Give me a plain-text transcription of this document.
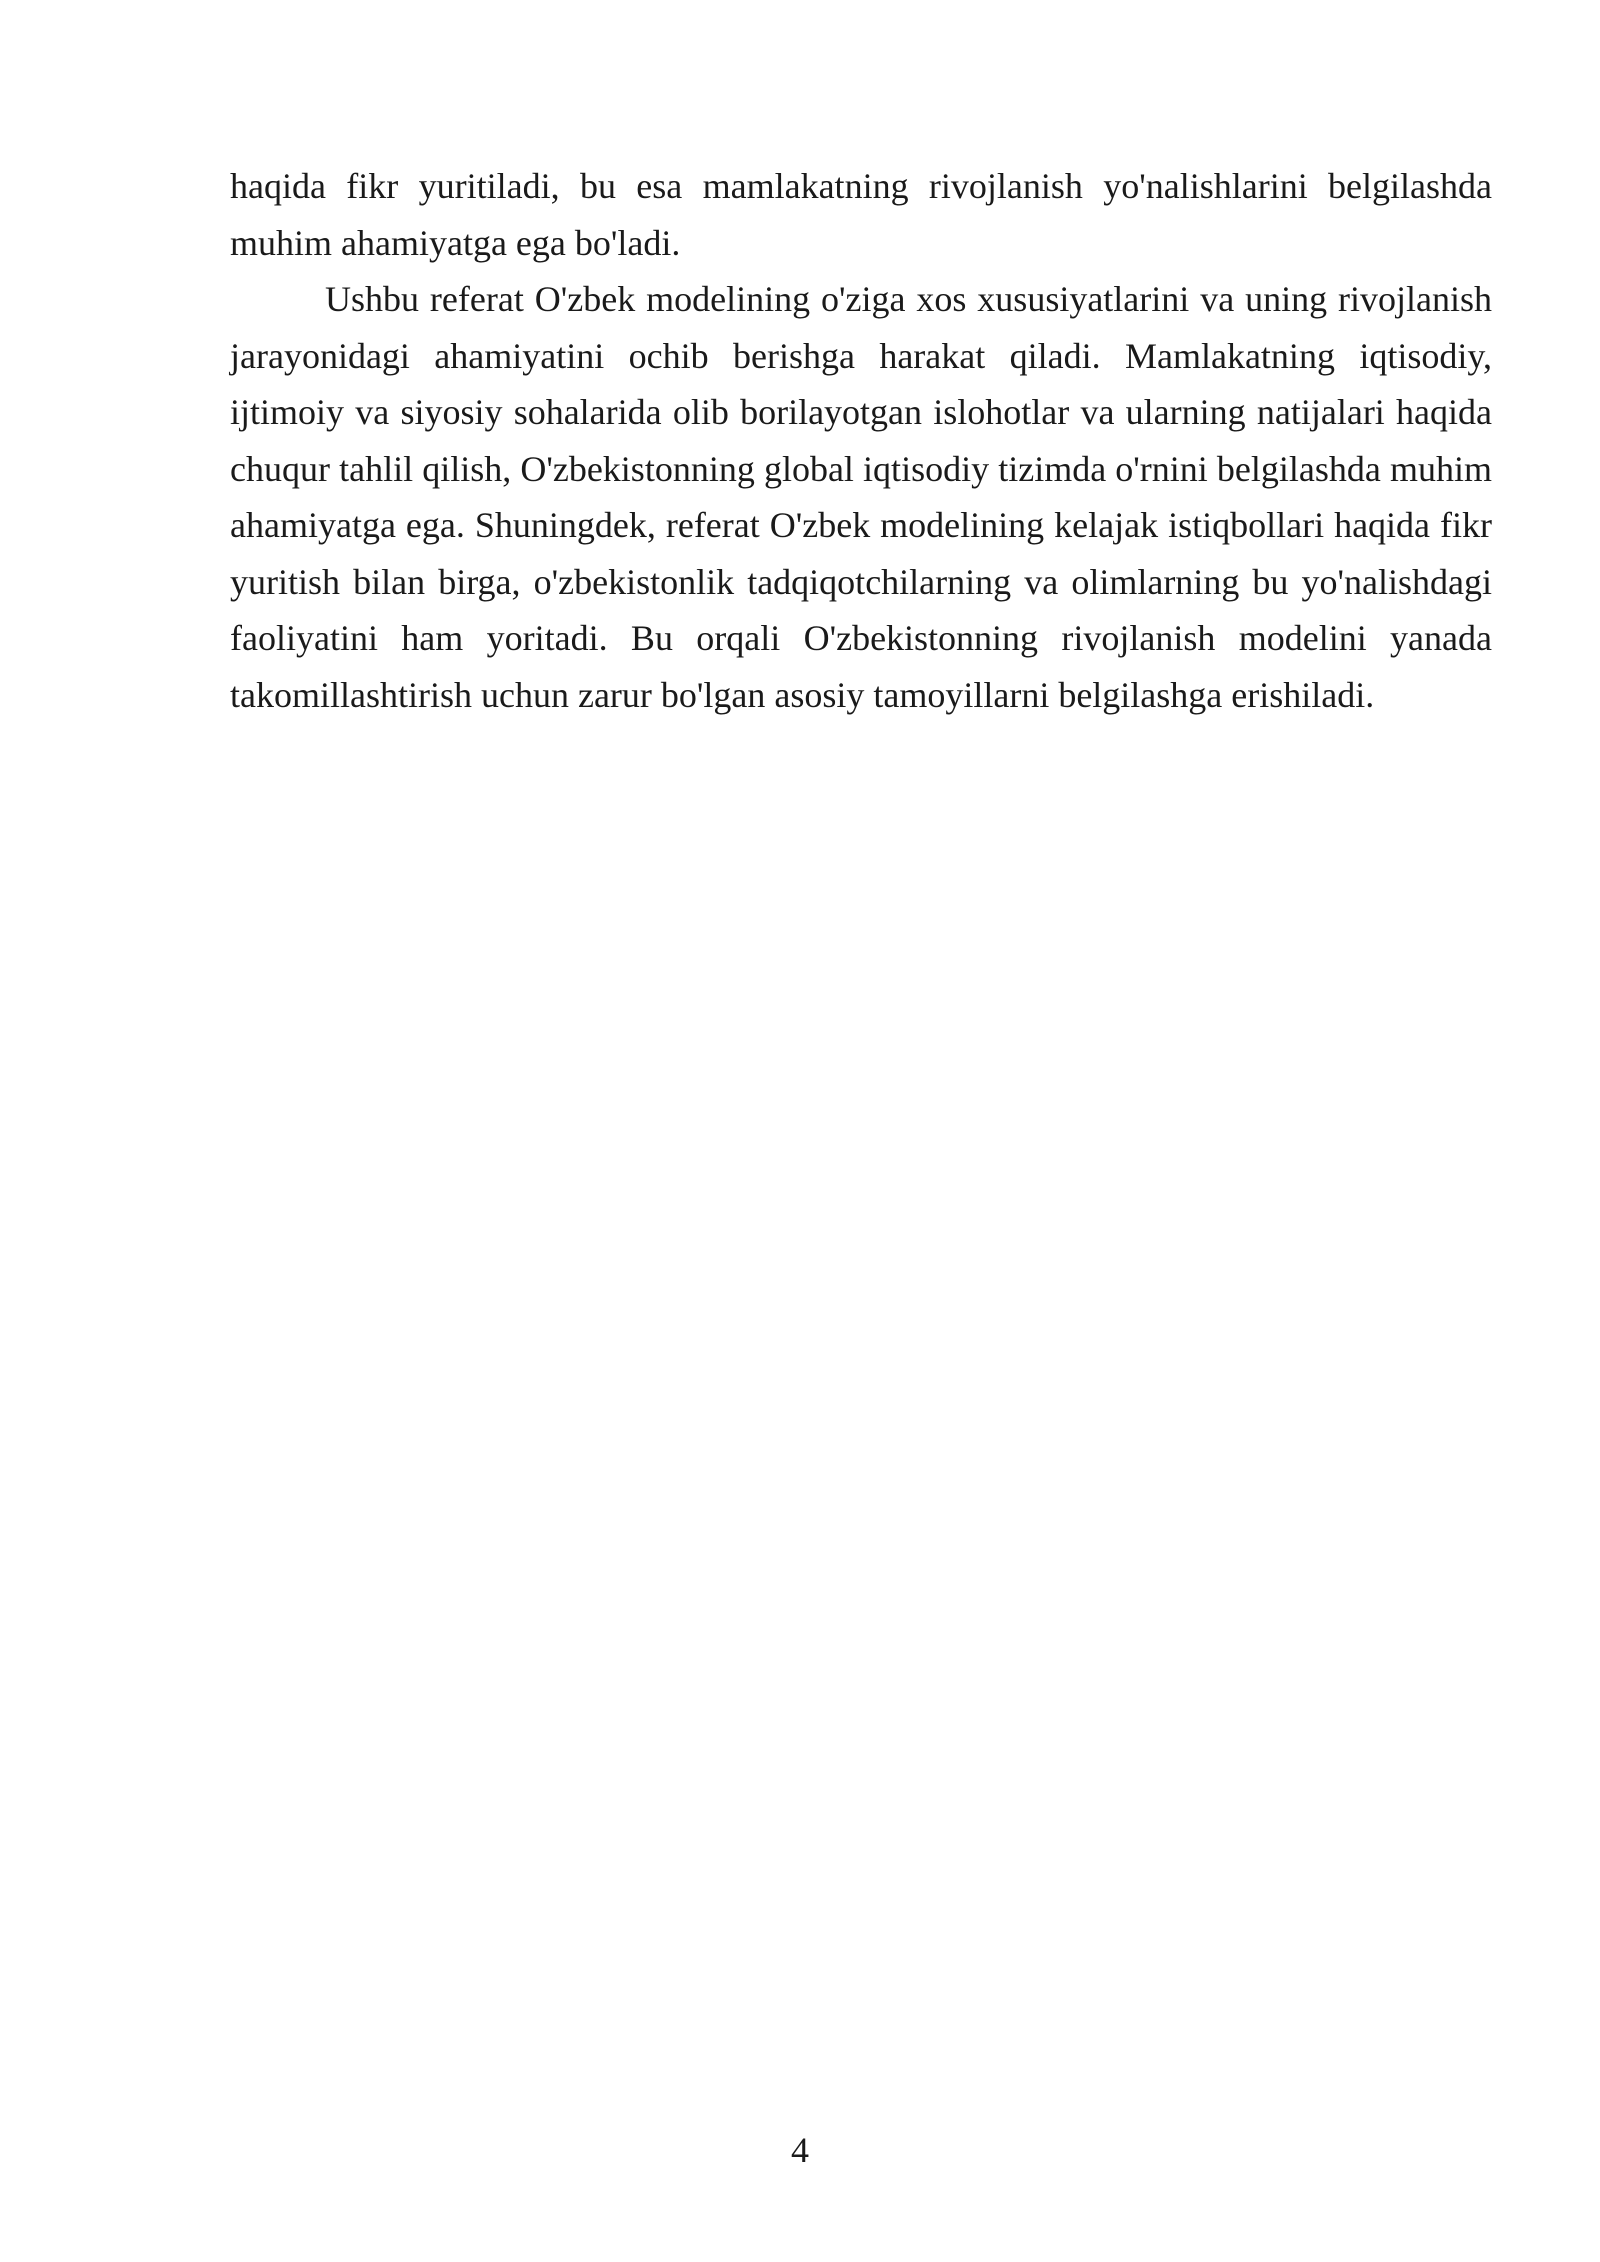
haqida fikr yuritiladi, bu esa mamlakatning rivojlanish yo'nalishlarini belgilashda muhim ahamiyatga ega bo'ladi.

Ushbu referat O'zbek modelining o'ziga xos xususiyatlarini va uning rivojlanish jarayonidagi ahamiyatini ochib berishga harakat qiladi. Mamlakatning iqtisodiy, ijtimoiy va siyosiy sohalarida olib borilayotgan islohotlar va ularning natijalari haqida chuqur tahlil qilish, O'zbekistonning global iqtisodiy tizimda o'rnini belgilashda muhim ahamiyatga ega. Shuningdek, referat O'zbek modelining kelajak istiqbollari haqida fikr yuritish bilan birga, o'zbekistonlik tadqiqotchilarning va olimlarning bu yo'nalishdagi faoliyatini ham yoritadi. Bu orqali O'zbekistonning rivojlanish modelini yanada takomillashtirish uchun zarur bo'lgan asosiy tamoyillarni belgilashga erishiladi.

4
